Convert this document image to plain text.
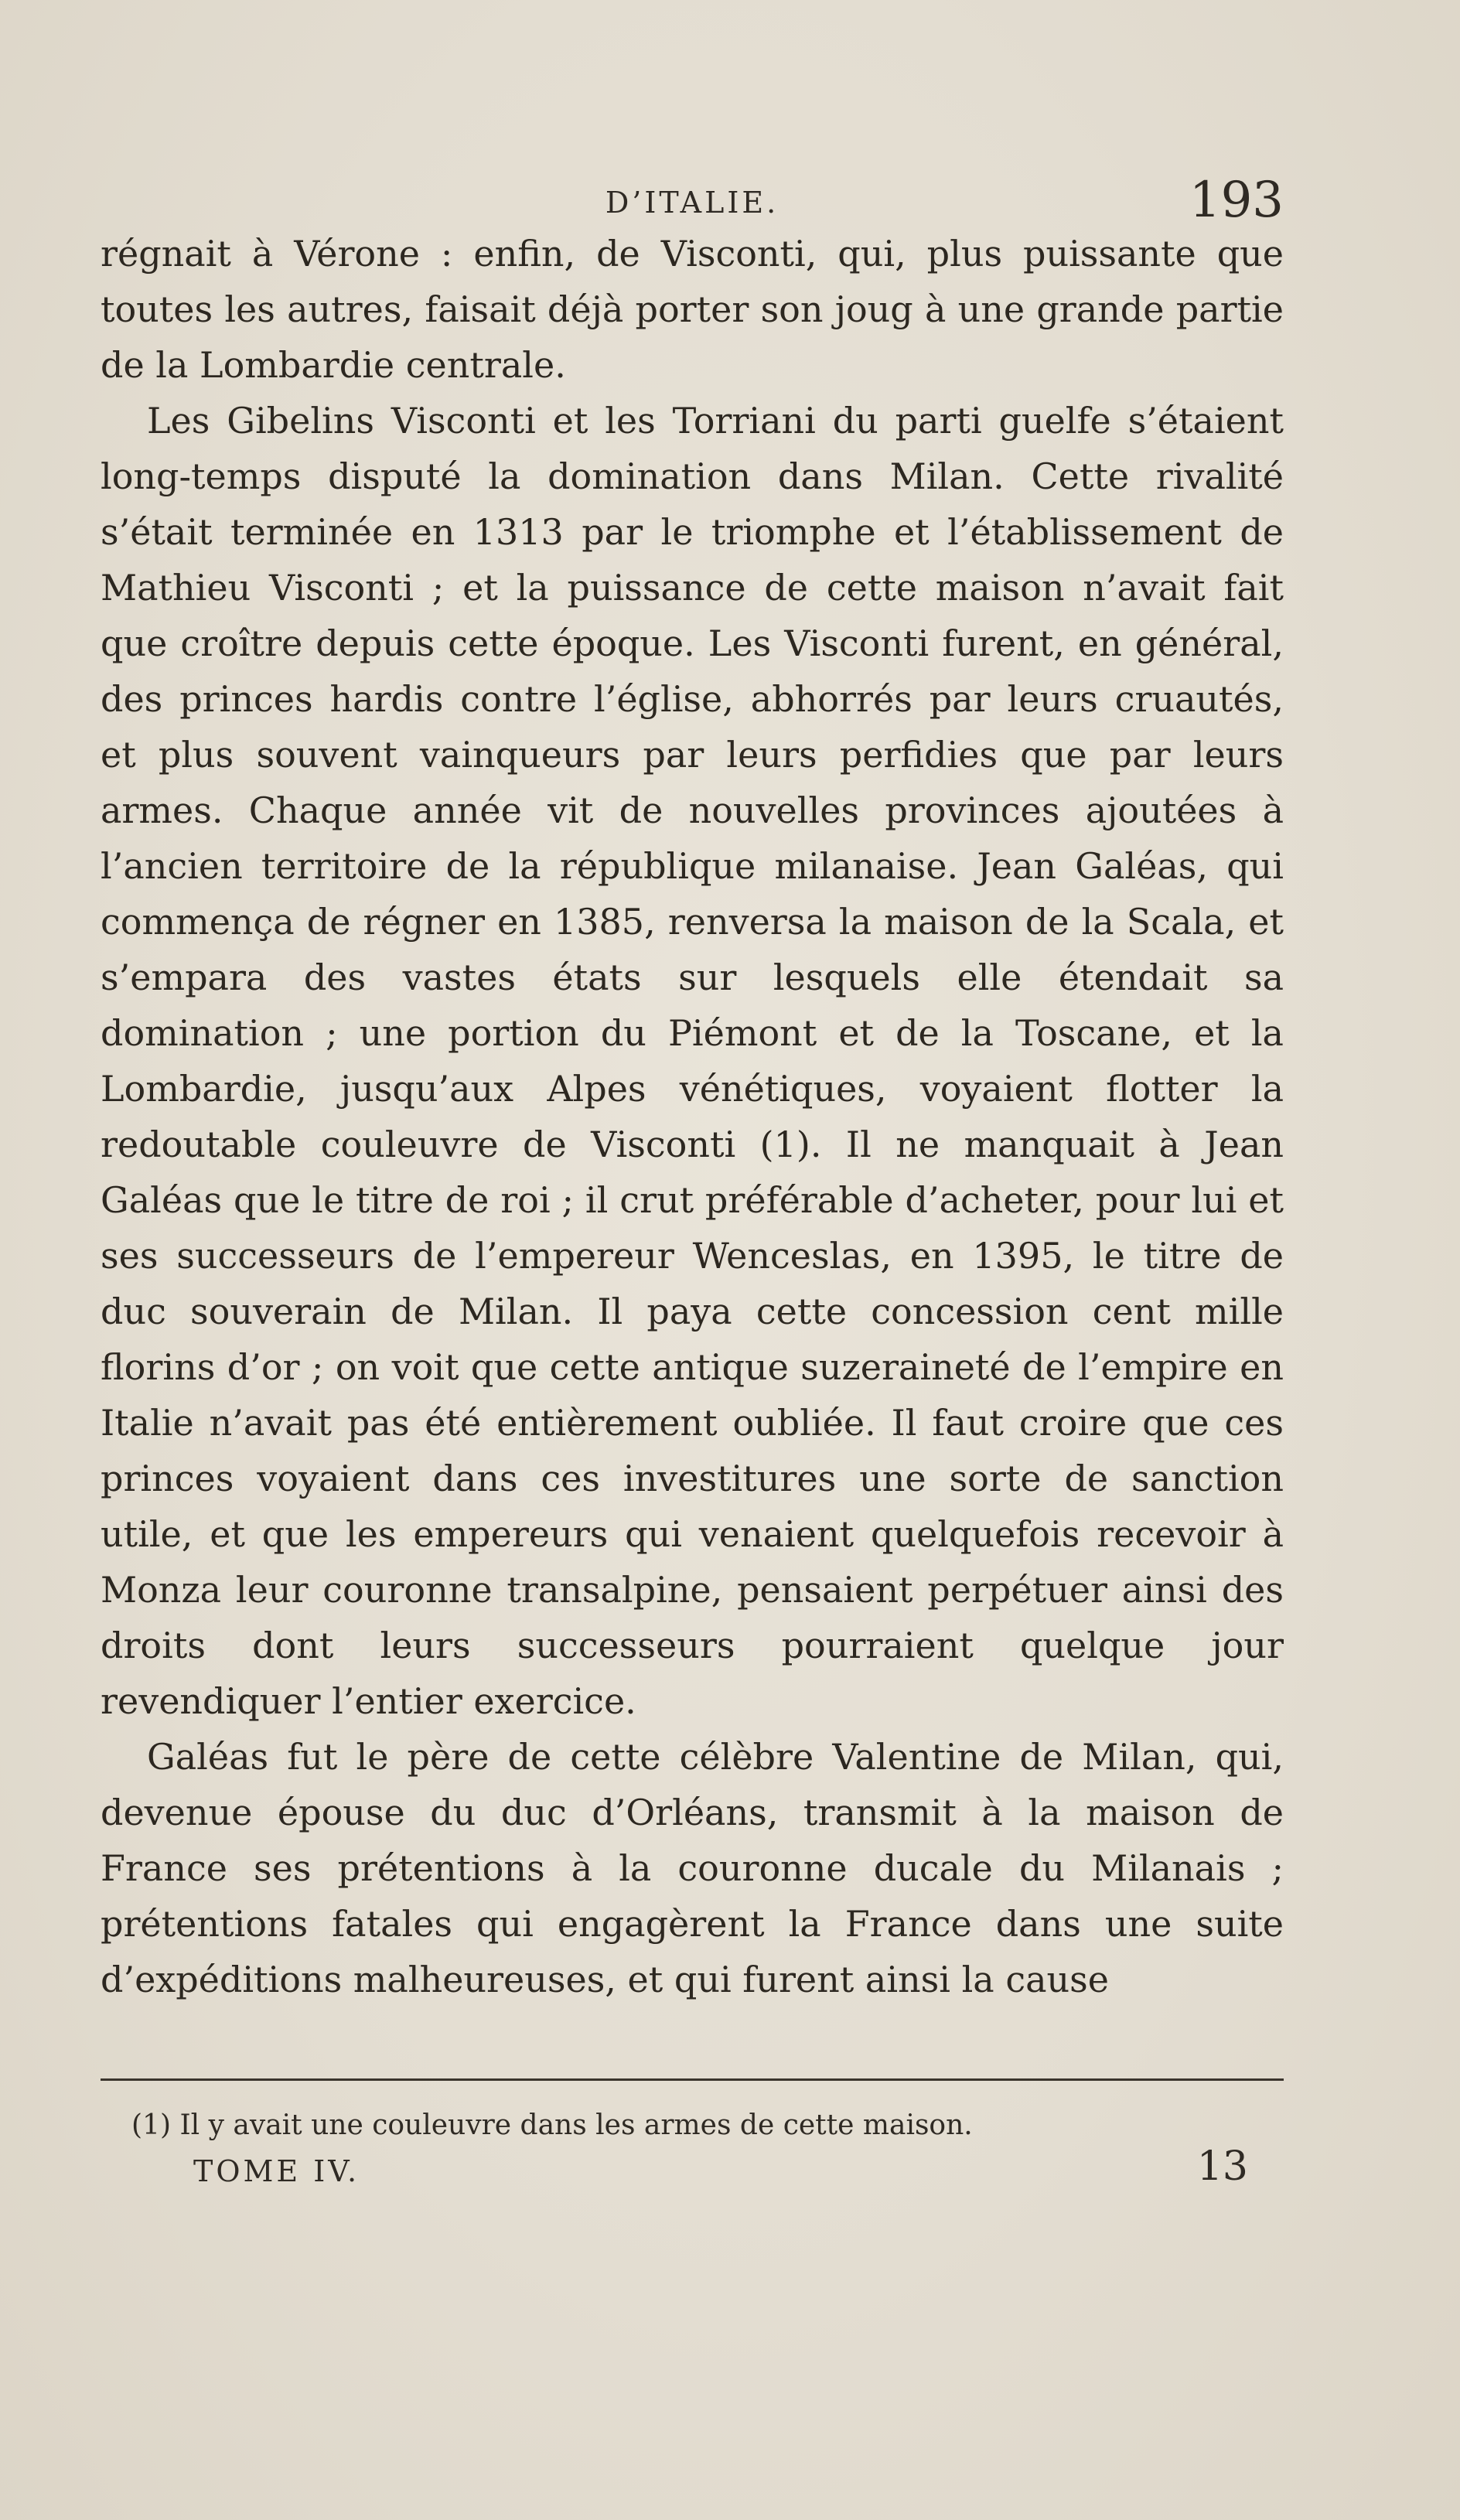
D’ITALIE.	193

régnait à Vérone : enfin, de Visconti, qui, plus puissante que toutes les autres, faisait déjà porter son joug à une grande partie de la Lombardie centrale.

Les Gibelins Visconti et les Torriani du parti guelfe s’étaient long-temps disputé la domination dans Milan. Cette rivalité s’était terminée en 1313 par le triomphe et l’établissement de Mathieu Visconti ; et la puissance de cette maison n’avait fait que croître depuis cette époque. Les Visconti furent, en général, des princes hardis contre l’église, abhorrés par leurs cruautés, et plus souvent vainqueurs par leurs perfidies que par leurs armes. Chaque année vit de nouvelles provinces ajoutées à l’ancien territoire de la république milanaise. Jean Galéas, qui commença de régner en 1385, renversa la maison de la Scala, et s’empara des vastes états sur lesquels elle étendait sa domination ; une portion du Piémont et de la Toscane, et la Lombardie, jusqu’aux Alpes vénétiques, voyaient flotter la redoutable couleuvre de Visconti (1). Il ne manquait à Jean Galéas que le titre de roi ; il crut préférable d’acheter, pour lui et ses successeurs de l’empereur Wenceslas, en 1395, le titre de duc souverain de Milan. Il paya cette concession cent mille florins d’or ; on voit que cette antique suzeraineté de l’empire en Italie n’avait pas été entièrement oubliée. Il faut croire que ces princes voyaient dans ces investitures une sorte de sanction utile, et que les empereurs qui venaient quelquefois recevoir à Monza leur couronne transalpine, pensaient perpétuer ainsi des droits dont leurs successeurs pourraient quelque jour revendiquer l’entier exercice.

Galéas fut le père de cette célèbre Valentine de Milan, qui, devenue épouse du duc d’Orléans, transmit à la maison de France ses prétentions à la couronne ducale du Milanais ; prétentions fatales qui engagèrent la France dans une suite d’expéditions malheureuses, et qui furent ainsi la cause

(1) Il y avait une couleuvre dans les armes de cette maison.
TOME IV.	13
